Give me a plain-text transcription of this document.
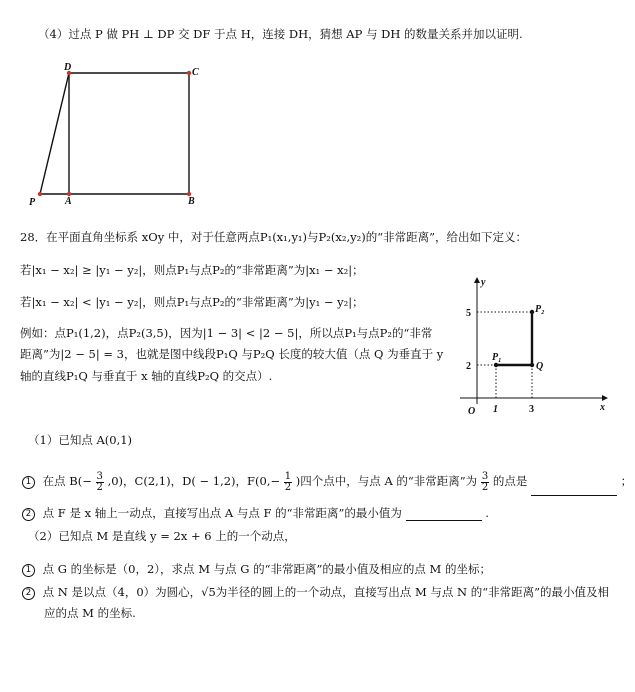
（4）过点 P 做 PH ⊥ DP 交 DF 于点 H，连接 DH，猜想 AP 与 DH 的数量关系并加以证明.
D	C
P	A	B
28．在平面直角坐标系 xOy 中，对于任意两点P₁(x₁,y₁)与P₂(x₂,y₂)的“非常距离”，给出如下定义：
若|x₁ − x₂| ≥ |y₁ − y₂|，则点P₁与点P₂的“非常距离”为|x₁ − x₂|；
若|x₁ − x₂| < |y₁ − y₂|，则点P₁与点P₂的“非常距离”为|y₁ − y₂|；
例如：点P₁(1,2)，点P₂(3,5)，因为|1 − 3| < |2 − 5|，所以点P₁与点P₂的“非常
距离”为|2 − 5| = 3，也就是图中线段P₁Q 与P₂Q 长度的较大值（点 Q 为垂直于 y
轴的直线P₁Q 与垂直于 x 轴的直线P₂Q 的交点）.
y
x
O
P₁
P₂
Q
5
2
1	3
（1）已知点 A(0,1)
1 在点 $B(- \frac{3}{2} ,0)$，C(2,1)，D( − 1,2)，$F(0,- \frac{1}{2}$ )四个点中，与点 A 的“非常距离”为 $\frac{3}{2}$ 的点是	；
2 点 F 是 x 轴上一动点，直接写出点 A 与点 F 的“非常距离”的最小值为	.
（2）已知点 M 是直线 y = 2x + 6 上的一个动点，
1 点 G 的坐标是（0，2），求点 M 与点 G 的“非常距离”的最小值及相应的点 M 的坐标；
2 点 N 是以点（4，0）为圆心，√5为半径的圆上的一个动点，直接写出点 M 与点 N 的“非常距离”的最小值及相
应的点 M 的坐标.
